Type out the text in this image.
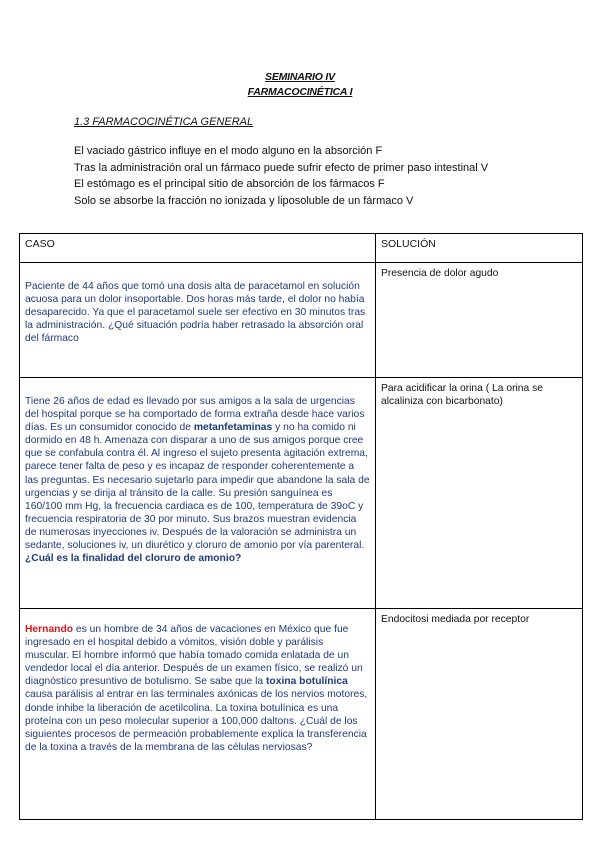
SEMINARIO IV
FARMACOCINÉTICA I
1.3 FARMACOCINÉTICA GENERAL
El vaciado gástrico influye en el modo alguno en la absorción F
Tras la administración oral un fármaco puede sufrir efecto de primer paso intestinal V
El estómago es el principal sitio de absorción de los fármacos F
Solo se absorbe la fracción no ionizada y liposoluble de un fármaco V
CASO	SOLUCIÓN
Paciente de 44 años que tomó una dosis alta de paracetamol en solución acuosa para un dolor insoportable. Dos horas más tarde, el dolor no había desaparecido. Ya que el paracetamol suele ser efectivo en 30 minutos tras la administración. ¿Qué situación podría haber retrasado la absorción oral del fármaco	Presencia de dolor agudo
Tiene 26 años de edad es llevado por sus amigos a la sala de urgencias del hospital porque se ha comportado de forma extraña desde hace varios días. Es un consumidor conocido de metanfetaminas y no ha comido ni dormido en 48 h. Amenaza con disparar a uno de sus amigos porque cree que se confabula contra él. Al ingreso el sujeto presenta agitación extrema, parece tener falta de peso y es incapaz de responder coherentemente a las preguntas. Es necesario sujetarlo para impedir que abandone la sala de urgencias y se dirija al tránsito de la calle. Su presión sanguínea es 160/100 mm Hg, la frecuencia cardiaca es de 100, temperatura de 39oC y frecuencia respiratoria de 30 por minuto. Sus brazos muestran evidencia de numerosas inyecciones iv. Después de la valoración se administra un sedante, soluciones iv, un diurético y cloruro de amonio por vía parenteral. ¿Cuál es la finalidad del cloruro de amonio?	Para acidificar la orina ( La orina se alcaliniza con bicarbonato)
Hernando es un hombre de 34 años de vacaciones en México que fue ingresado en el hospital debido a vómitos, visión doble y parálisis muscular. El hombre informó que había tomado comida enlatada de un vendedor local el día anterior. Después de un examen físico, se realizó un diagnóstico presuntivo de botulismo. Se sabe que la toxina botulínica causa parálisis al entrar en las terminales axónicas de los nervios motores, donde inhibe la liberación de acetilcolina. La toxina botulínica es una proteína con un peso molecular superior a 100,000 daltons. ¿Cuál de los siguientes procesos de permeación probablemente explica la transferencia de la toxina a través de la membrana de las células nerviosas?	Endocitosi mediada por receptor
